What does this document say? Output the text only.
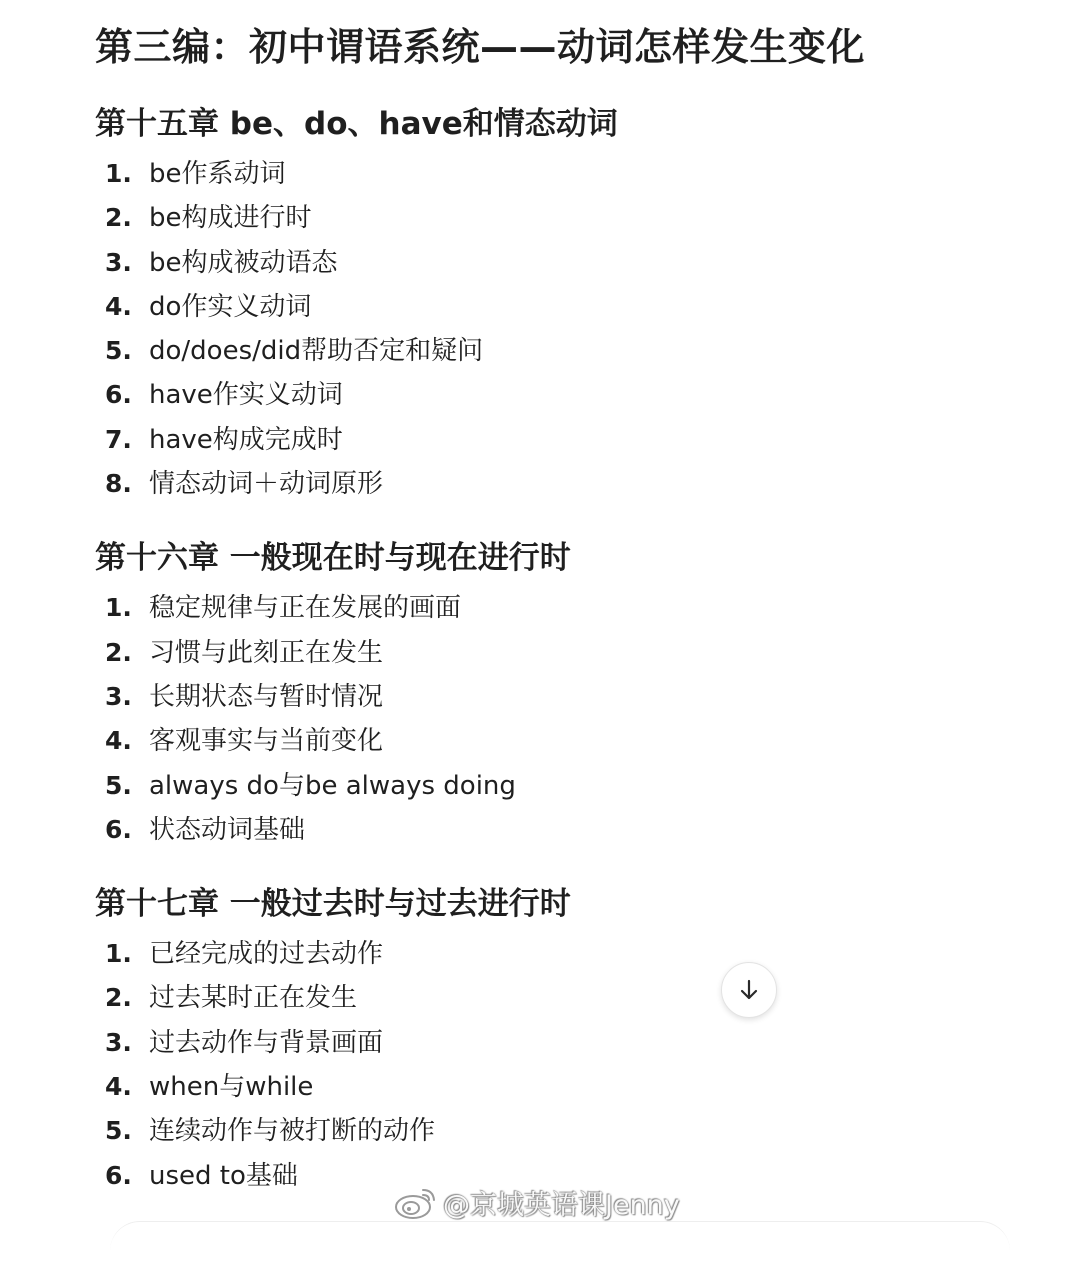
第三编：初中谓语系统——动词怎样发生变化
第十五章 be、do、have和情态动词
1. be作系动词
2. be构成进行时
3. be构成被动语态
4. do作实义动词
5. do/does/did帮助否定和疑问
6. have作实义动词
7. have构成完成时
8. 情态动词＋动词原形
第十六章 一般现在时与现在进行时
1. 稳定规律与正在发展的画面
2. 习惯与此刻正在发生
3. 长期状态与暂时情况
4. 客观事实与当前变化
5. always do与be always doing
6. 状态动词基础
第十七章 一般过去时与过去进行时
1. 已经完成的过去动作
2. 过去某时正在发生
3. 过去动作与背景画面
4. when与while
5. 连续动作与被打断的动作
6. used to基础
@京城英语课Jenny
